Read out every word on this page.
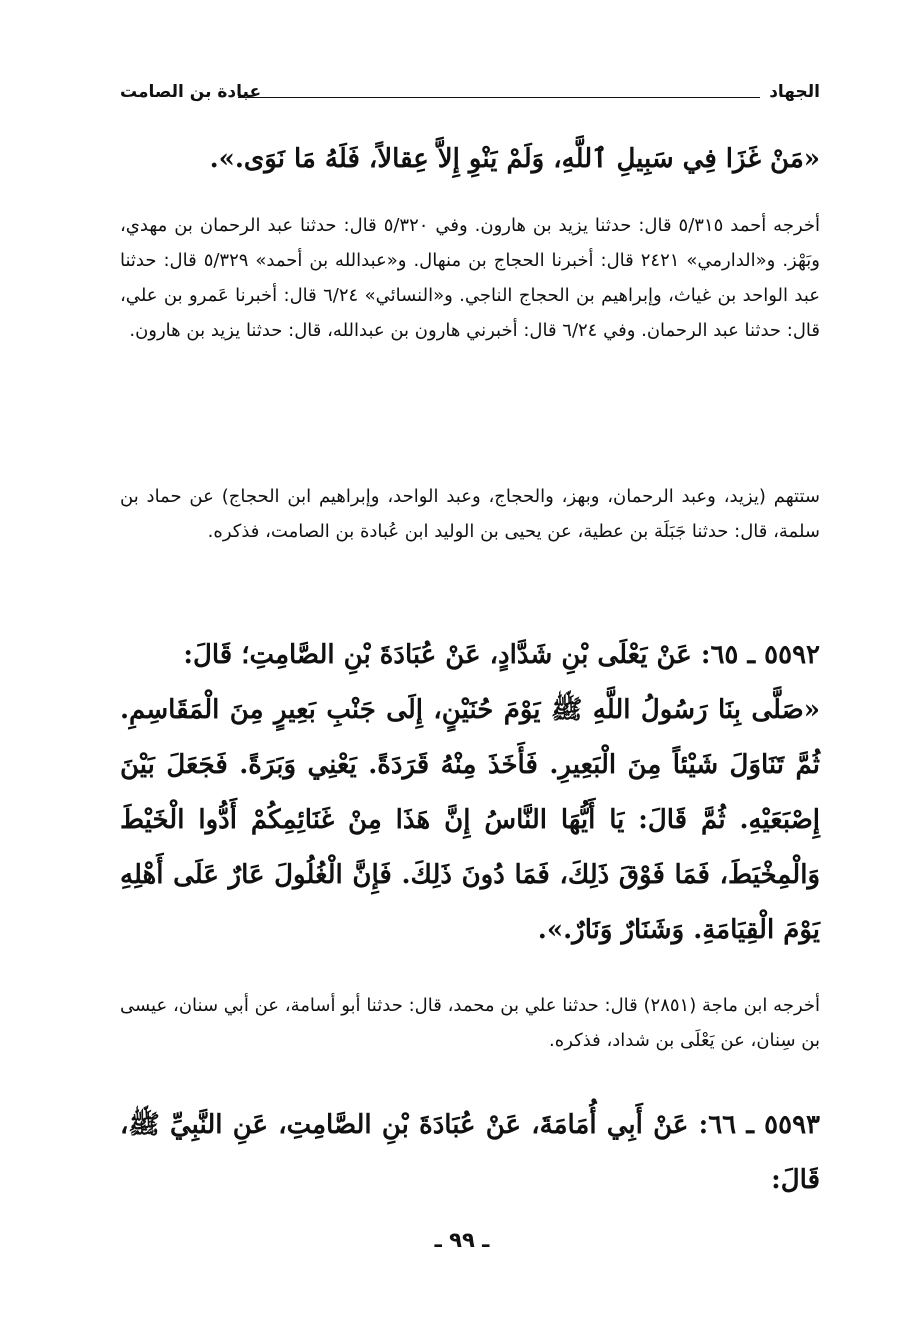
الجهاد
عبادة بن الصامت
«مَنْ غَزَا فِي سَبِيلِ ٱللَّهِ، وَلَمْ يَنْوِ إِلاَّ عِقالاً، فَلَهُ مَا نَوَى.».
أخرجه أحمد ٥/٣١٥ قال: حدثنا يزيد بن هارون. وفي ٥/٣٢٠ قال: حدثنا عبد الرحمان بن مهدي، وبَهْز. و«الدارمي» ٢٤٢١ قال: أخبرنا الحجاج بن منهال. و«عبدالله بن أحمد» ٥/٣٢٩ قال: حدثنا عبد الواحد بن غياث، وإبراهيم بن الحجاج الناجي. و«النسائي» ٦/٢٤ قال: أخبرنا عَمرو بن علي، قال: حدثنا عبد الرحمان. وفي ٦/٢٤ قال: أخبرني هارون بن عبدالله، قال: حدثنا يزيد بن هارون.
ستتهم (يزيد، وعبد الرحمان، وبهز، والحجاج، وعبد الواحد، وإبراهيم ابن الحجاج) عن حماد بن سلمة، قال: حدثنا جَبَلَة بن عطية، عن يحيى بن الوليد ابن عُبادة بن الصامت، فذكره.
٥٥٩٢ ـ ٦٥: عَنْ يَعْلَى بْنِ شَدَّادٍ، عَنْ عُبَادَةَ بْنِ الصَّامِتِ؛ قَالَ:
«صَلَّى بِنَا رَسُولُ اللَّهِ ﷺ يَوْمَ حُنَيْنٍ، إِلَى جَنْبِ بَعِيرٍ مِنَ الْمَقَاسِمِ. ثُمَّ تَنَاوَلَ شَيْئاً مِنَ الْبَعِيرِ. فَأَخَذَ مِنْهُ قَرَدَةً. يَعْنِي وَبَرَةً. فَجَعَلَ بَيْنَ إِصْبَعَيْهِ. ثُمَّ قَالَ: يَا أَيُّهَا النَّاسُ إِنَّ هَذَا مِنْ غَنَائِمِكُمْ أَدُّوا الْخَيْطَ وَالْمِخْيَطَ، فَمَا فَوْقَ ذَلِكَ، فَمَا دُونَ ذَلِكَ. فَإِنَّ الْغُلُولَ عَارٌ عَلَى أَهْلِهِ يَوْمَ الْقِيَامَةِ. وَشَنَارٌ وَنَارٌ.».
أخرجه ابن ماجة (٢٨٥١) قال: حدثنا علي بن محمد، قال: حدثنا أبو أسامة، عن أبي سنان، عيسى بن سِنان، عن يَعْلَى بن شداد، فذكره.
٥٥٩٣ ـ ٦٦: عَنْ أَبِي أُمَامَةَ، عَنْ عُبَادَةَ بْنِ الصَّامِتِ، عَنِ النَّبِيِّ ﷺ، قَالَ:
ـ ٩٩ ـ
